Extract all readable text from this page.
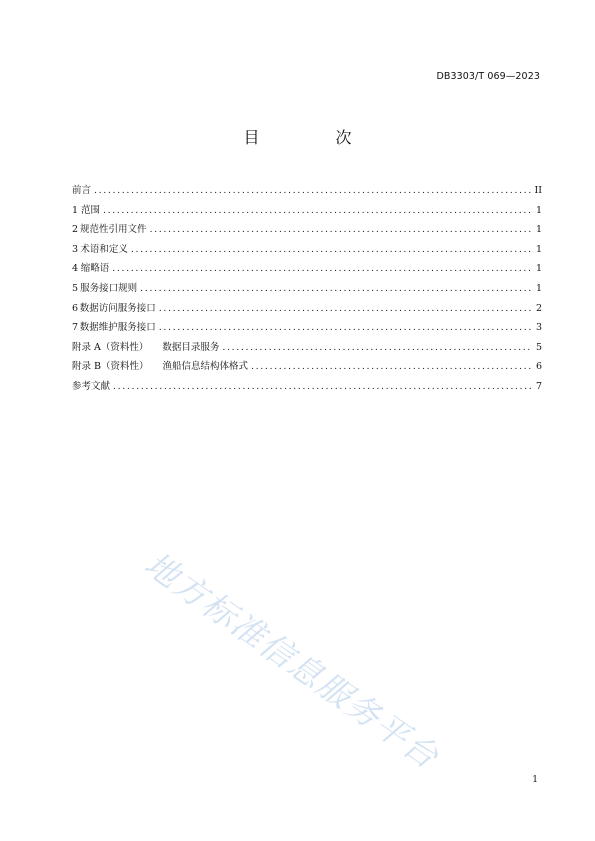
DB3303/T 069—2023
目　次
前言 .....	II
1 范围 .....	1
2 规范性引用文件 .....	1
3 术语和定义 .....	1
4 缩略语 .....	1
5 服务接口规则 .....	1
6 数据访问服务接口 .....	2
7 数据维护服务接口 .....	3
附录 A（资料性） 数据目录服务 .....	5
附录 B（资料性） 渔船信息结构体格式 .....	6
参考文献 .....	7
地方标准信息服务平台
1
